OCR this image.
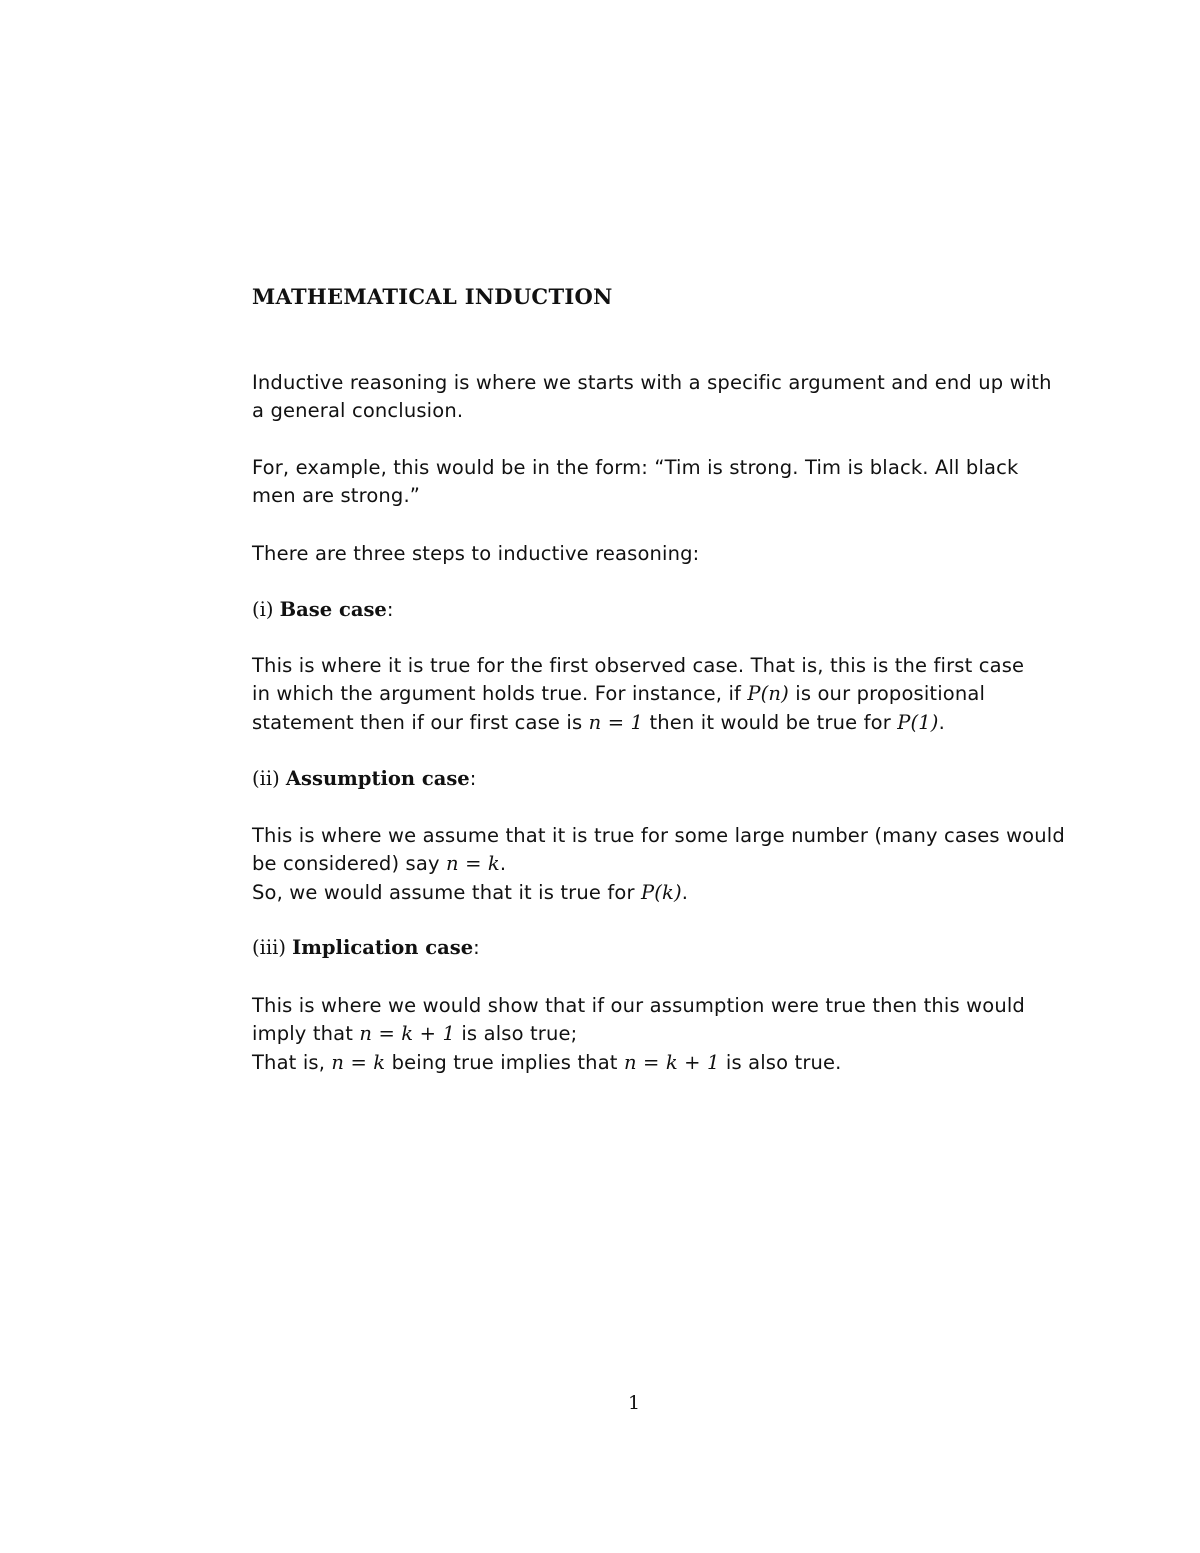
MATHEMATICAL INDUCTION

Inductive reasoning is where we starts with a specific argument and end up with
a general conclusion.

For, example, this would be in the form: “Tim is strong. Tim is black. All black
men are strong.”

There are three steps to inductive reasoning:

(i) Base case:

This is where it is true for the first observed case. That is, this is the first case
in which the argument holds true. For instance, if P(n) is our propositional
statement then if our first case is n = 1 then it would be true for P(1).

(ii) Assumption case:

This is where we assume that it is true for some large number (many cases would
be considered) say n = k.
So, we would assume that it is true for P(k).

(iii) Implication case:

This is where we would show that if our assumption were true then this would
imply that n = k + 1 is also true;
That is, n = k being true implies that n = k + 1 is also true.

1
